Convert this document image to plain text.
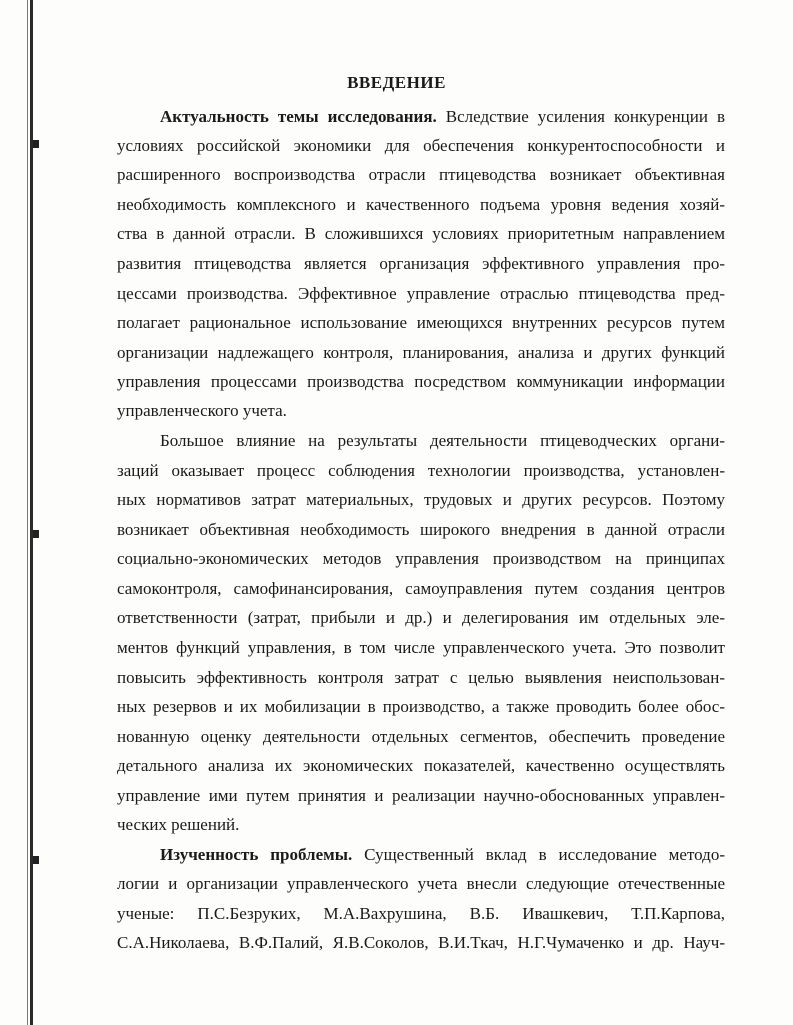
ВВЕДЕНИЕ
Актуальность темы исследования. Вследствие усиления конкуренции в
условиях российской экономики для обеспечения конкурентоспособности и
расширенного воспроизводства отрасли птицеводства возникает объективная
необходимость комплексного и качественного подъема уровня ведения хозяй-
ства в данной отрасли. В сложившихся условиях приоритетным направлением
развития птицеводства является организация эффективного управления про-
цессами производства. Эффективное управление отраслью птицеводства пред-
полагает рациональное использование имеющихся внутренних ресурсов путем
организации надлежащего контроля, планирования, анализа и других функций
управления процессами производства посредством коммуникации информации
управленческого учета.
Большое влияние на результаты деятельности птицеводческих органи-
заций оказывает процесс соблюдения технологии производства, установлен-
ных нормативов затрат материальных, трудовых и других ресурсов. Поэтому
возникает объективная необходимость широкого внедрения в данной отрасли
социально-экономических методов управления производством на принципах
самоконтроля, самофинансирования, самоуправления путем создания центров
ответственности (затрат, прибыли и др.) и делегирования им отдельных эле-
ментов функций управления, в том числе управленческого учета. Это позволит
повысить эффективность контроля затрат с целью выявления неиспользован-
ных резервов и их мобилизации в производство, а также проводить более обос-
нованную оценку деятельности отдельных сегментов, обеспечить проведение
детального анализа их экономических показателей, качественно осуществлять
управление ими путем принятия и реализации научно-обоснованных управлен-
ческих решений.
Изученность проблемы. Существенный вклад в исследование методо-
логии и организации управленческого учета внесли следующие отечественные
ученые: П.С.Безруких, М.А.Вахрушина, В.Б. Ивашкевич, Т.П.Карпова,
С.А.Николаева, В.Ф.Палий, Я.В.Соколов, В.И.Ткач, Н.Г.Чумаченко и др. Науч-
